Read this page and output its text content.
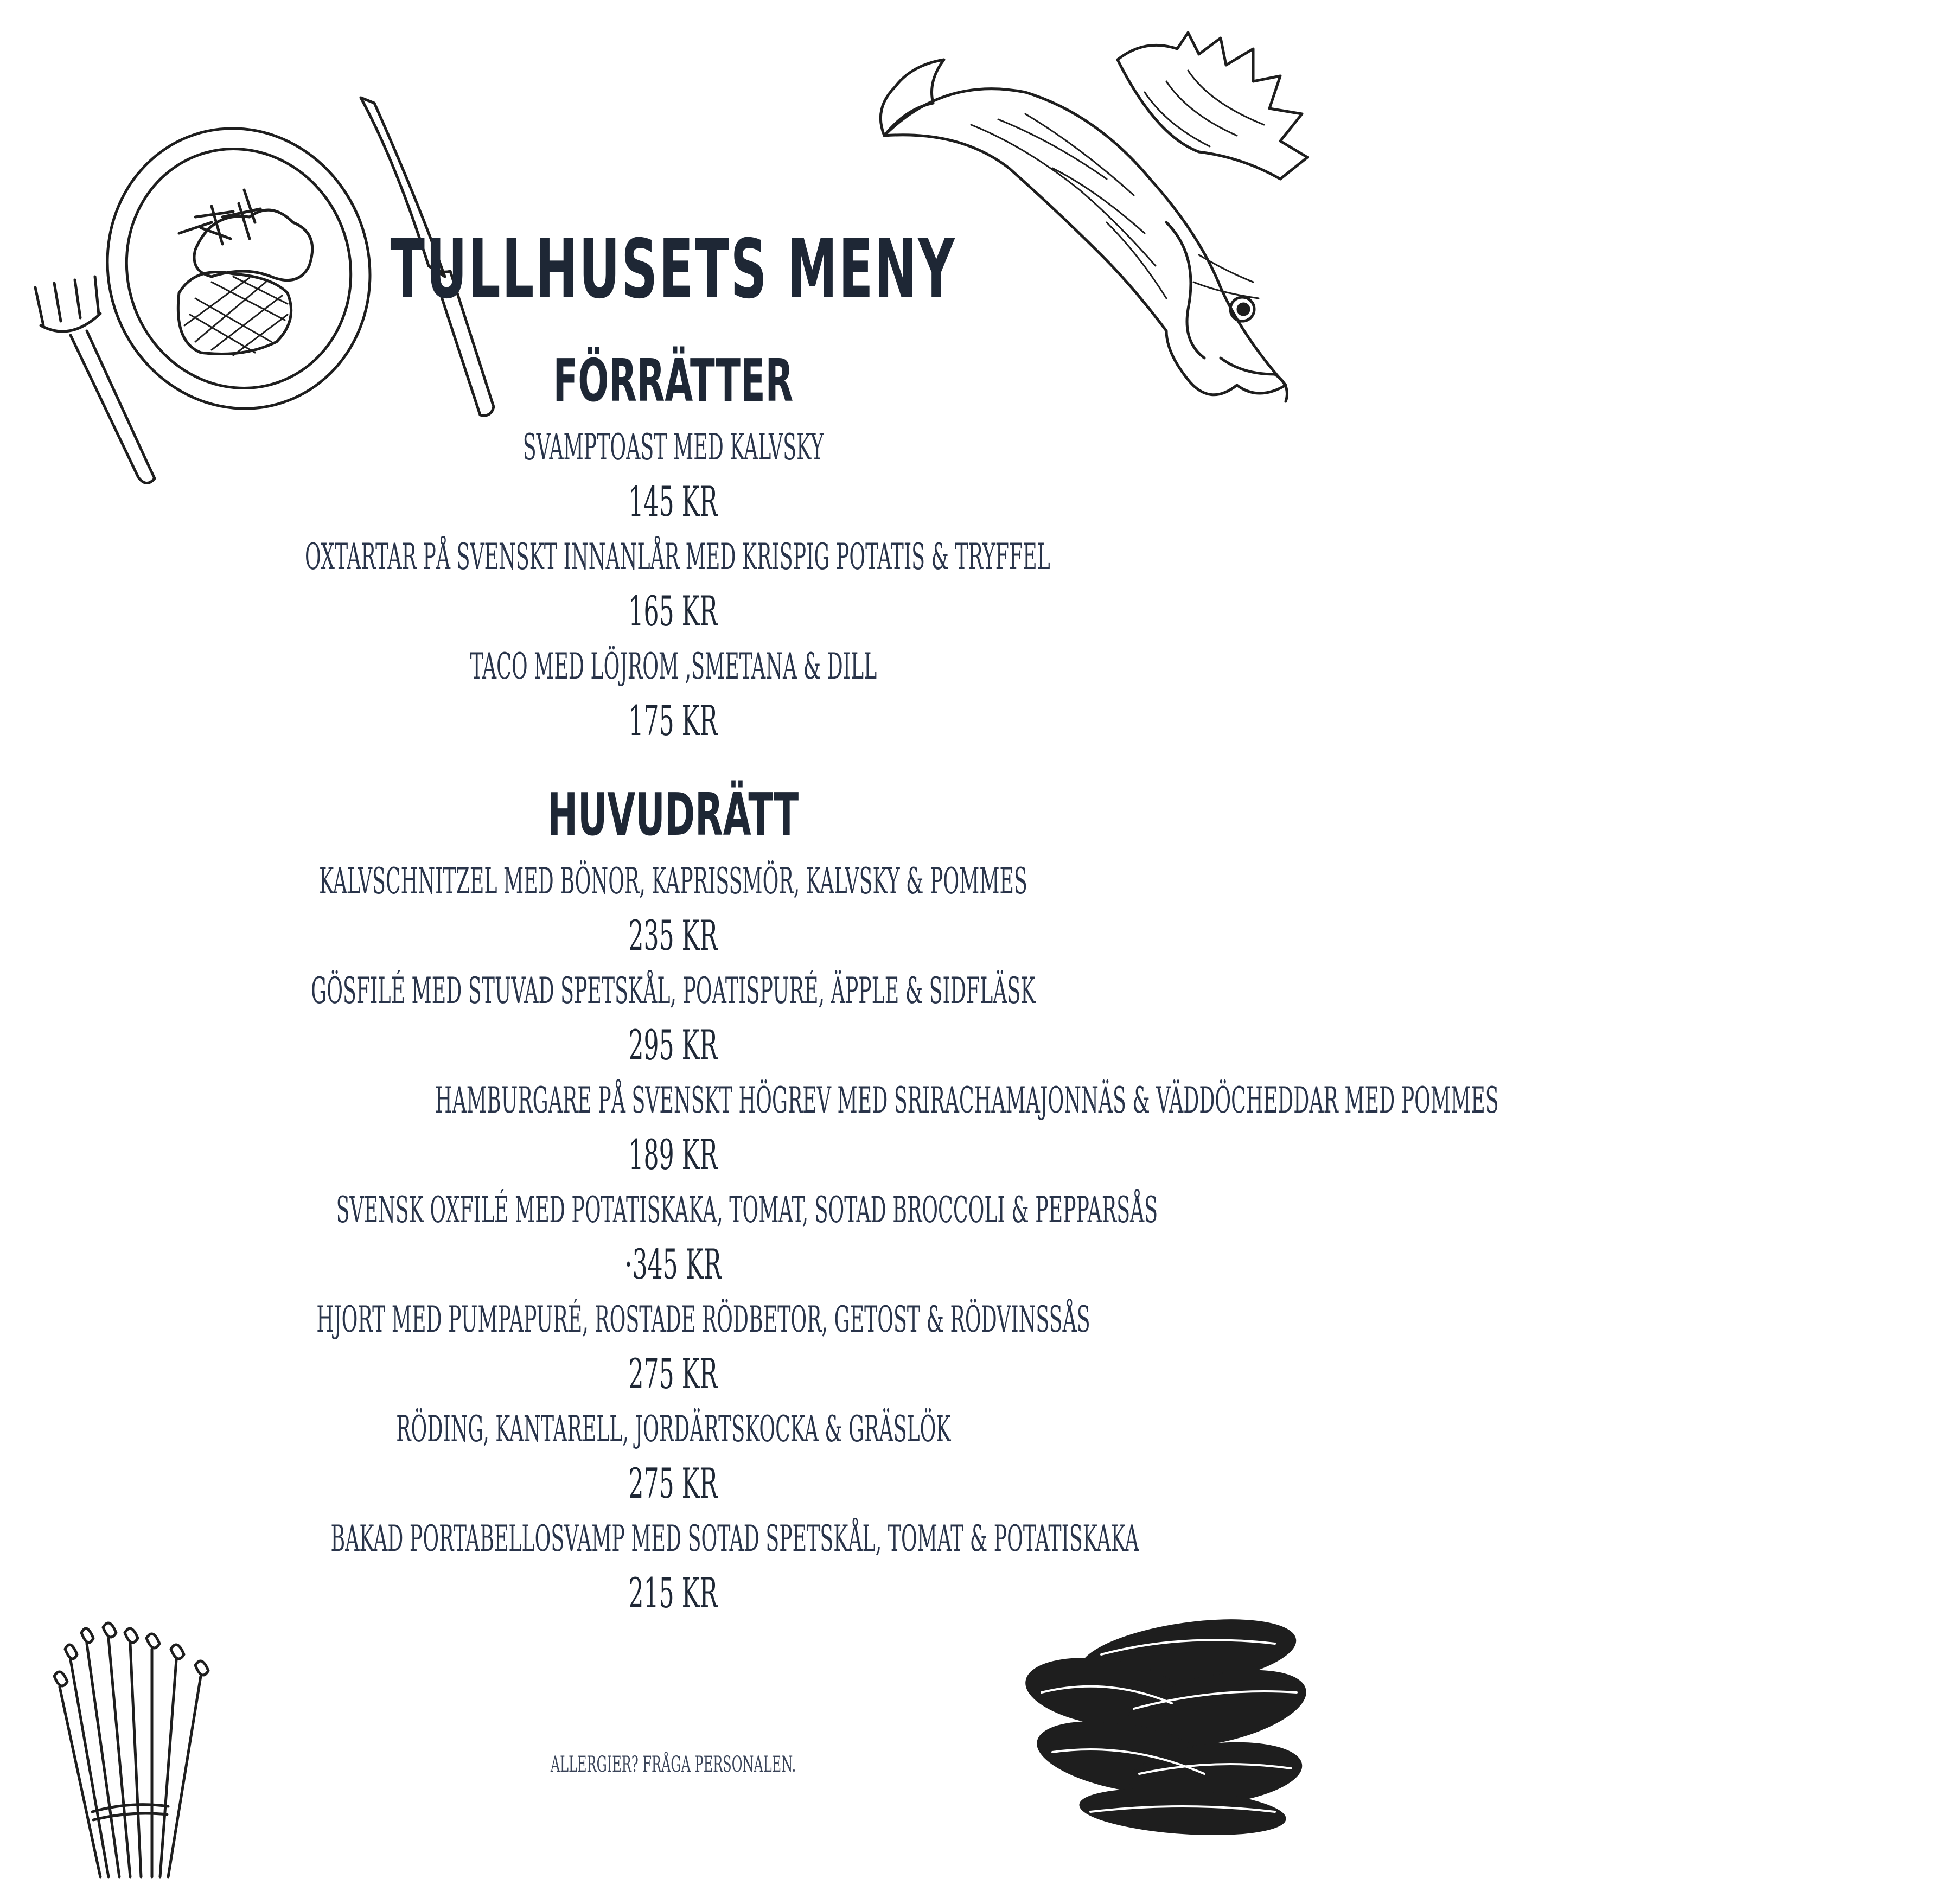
TULLHUSETS MENY
FÖRRÄTTER
SVAMPTOAST MED KALVSKY
145 KR
OXTARTAR PÅ SVENSKT INNANLÅR MED KRISPIG POTATIS & TRYFFEL
165 KR
TACO MED LÖJROM ,SMETANA & DILL
175 KR
HUVUDRÄTT
KALVSCHNITZEL MED BÖNOR, KAPRISSMÖR, KALVSKY & POMMES
235 KR
GÖSFILÉ MED STUVAD SPETSKÅL, POATISPURÉ, ÄPPLE & SIDFLÄSK
295 KR
HAMBURGARE PÅ SVENSKT HÖGREV MED SRIRACHAMAJONNÄS & VÄDDÖCHEDDAR MED POMMES
189 KR
SVENSK OXFILÉ MED POTATISKAKA, TOMAT, SOTAD BROCCOLI & PEPPARSÅS
·345 KR
HJORT MED PUMPAPURÉ, ROSTADE RÖDBETOR, GETOST & RÖDVINSSÅS
275 KR
RÖDING, KANTARELL, JORDÄRTSKOCKA & GRÄSLÖK
275 KR
BAKAD PORTABELLOSVAMP MED SOTAD SPETSKÅL, TOMAT & POTATISKAKA
215 KR
ALLERGIER? FRÅGA PERSONALEN.
